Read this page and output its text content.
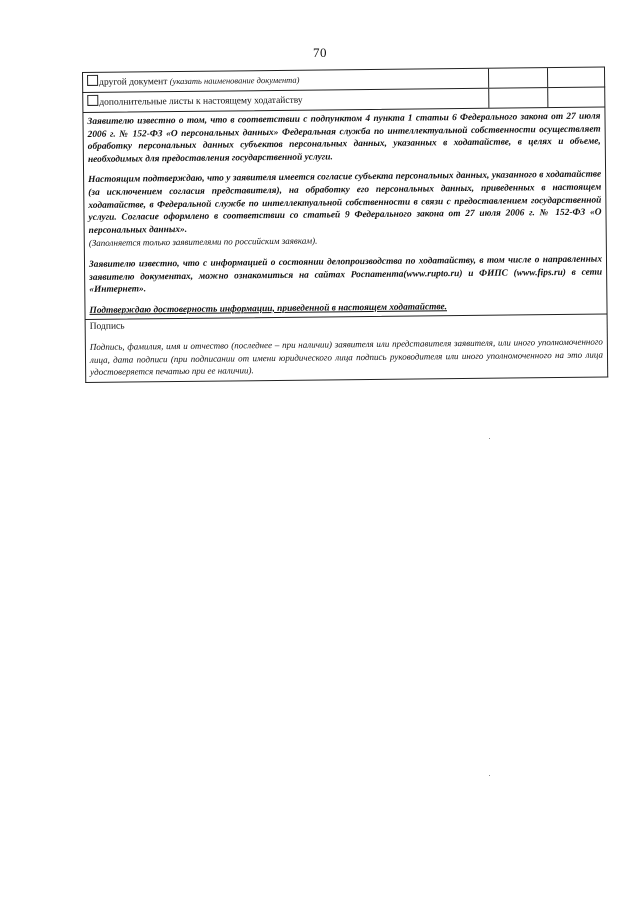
70
другой документ (указать наименование документа)
дополнительные листы к настоящему ходатайству

Заявителю известно о том, что в соответствии с подпунктом 4 пункта 1 статьи 6 Федерального закона от 27 июля 2006 г. № 152-ФЗ «О персональных данных» Федеральная служба по интеллектуальной собственности осуществляет обработку персональных данных субъектов персональных данных, указанных в ходатайстве, в целях и объеме, необходимых для предоставления государственной услуги.

Настоящим подтверждаю, что у заявителя имеется согласие субъекта персональных данных, указанного в ходатайстве (за исключением согласия представителя), на обработку его персональных данных, приведенных в настоящем ходатайстве, в Федеральной службе по интеллектуальной собственности в связи с предоставлением государственной услуги. Согласие оформлено в соответствии со статьей 9 Федерального закона от 27 июля 2006 г. № 152-ФЗ «О персональных данных».
(Заполняется только заявителями по российским заявкам).

Заявителю известно, что с информацией о состоянии делопроизводства по ходатайству, в том числе о направленных заявителю документах, можно ознакомиться на сайтах Роспатента(www.rupto.ru) и ФИПС (www.fips.ru) в сети «Интернет».

Подтверждаю достоверность информации, приведенной в настоящем ходатайстве.

Подпись
Подпись, фамилия, имя и отчество (последнее – при наличии) заявителя или представителя заявителя, или иного уполномоченного лица, дата подписи (при подписании от имени юридического лица подпись руководителя или иного уполномоченного на это лица удостоверяется печатью при ее наличии).
